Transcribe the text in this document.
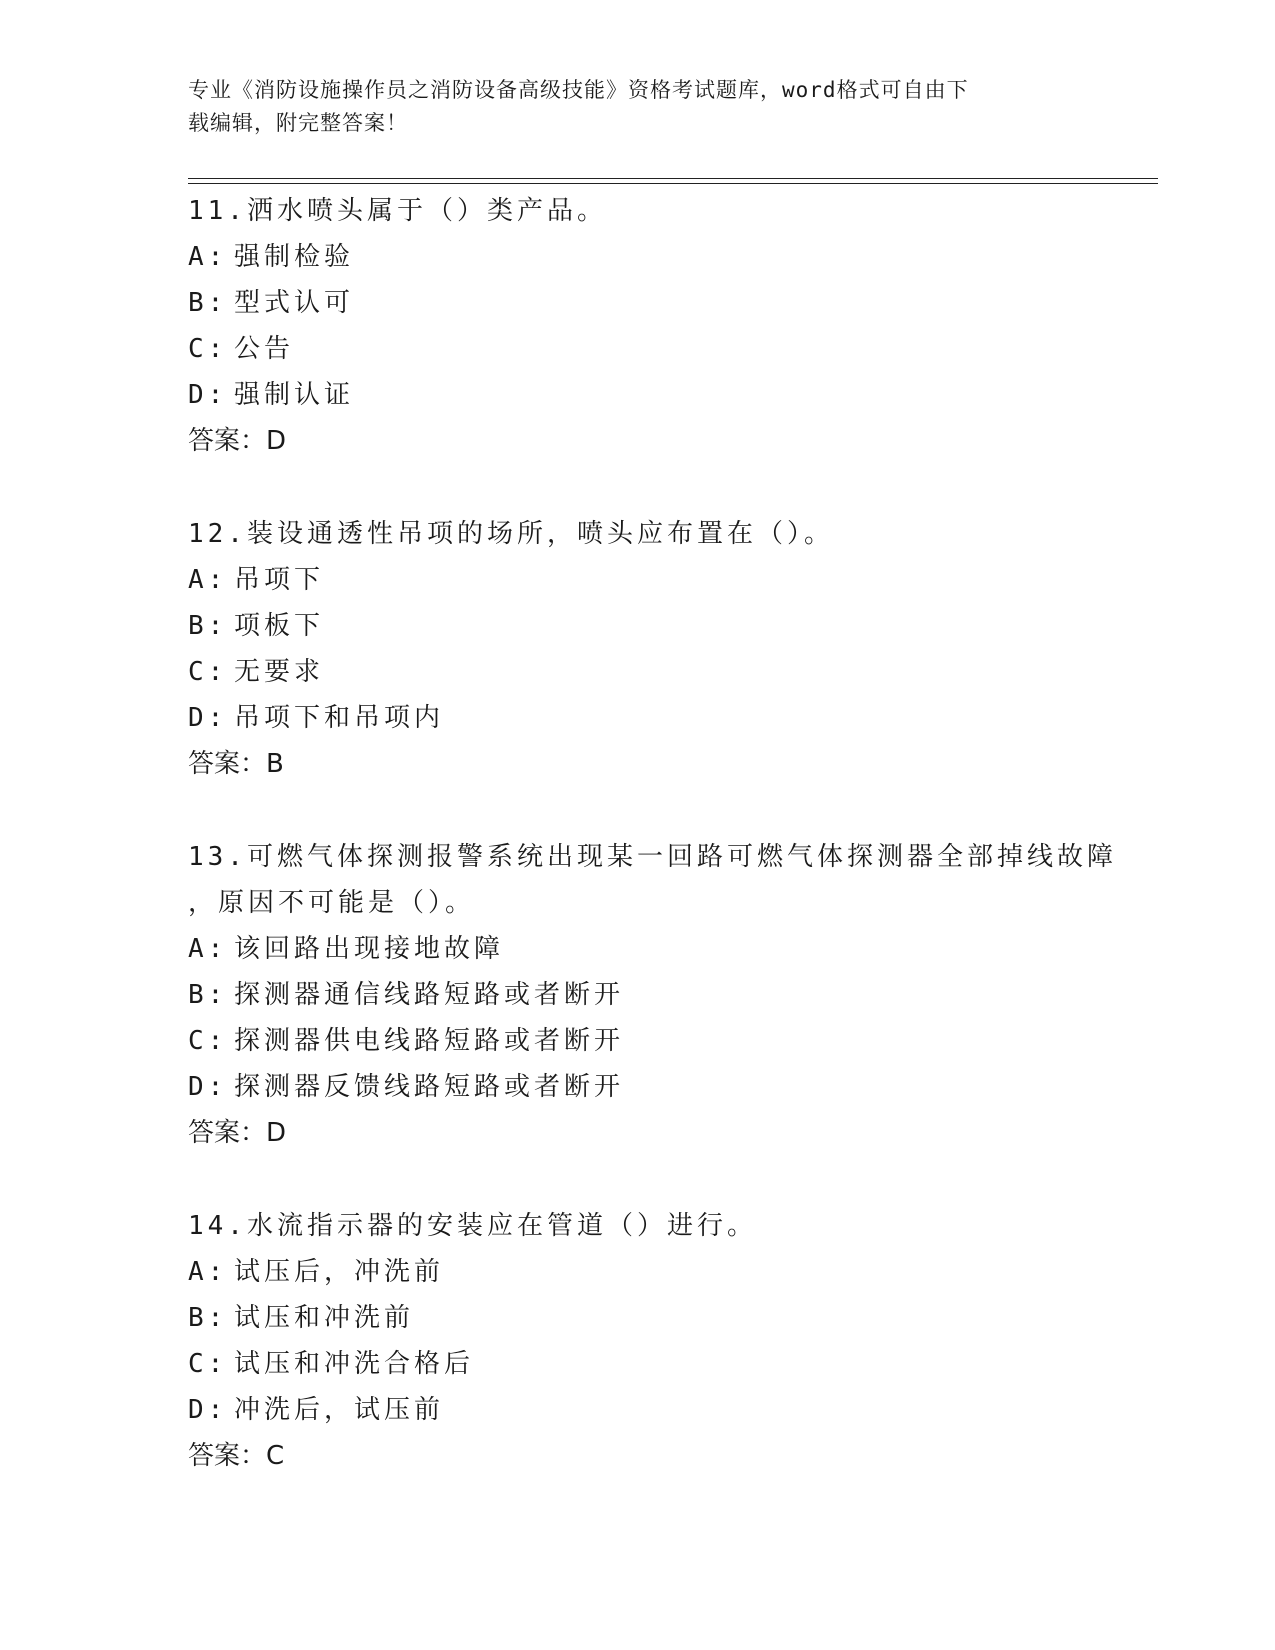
专业《消防设施操作员之消防设备高级技能》资格考试题库，word格式可自由下
载编辑，附完整答案！
11.洒水喷头属于（）类产品。
A: 强制检验
B: 型式认可
C: 公告
D: 强制认证
答案：D
12.装设通透性吊项的场所，喷头应布置在（）。
A: 吊项下
B: 项板下
C: 无要求
D: 吊项下和吊项内
答案：B
13.可燃气体探测报警系统出现某一回路可燃气体探测器全部掉线故障
，原因不可能是（）。
A: 该回路出现接地故障
B: 探测器通信线路短路或者断开
C: 探测器供电线路短路或者断开
D: 探测器反馈线路短路或者断开
答案：D
14.水流指示器的安装应在管道（）进行。
A: 试压后，冲洗前
B: 试压和冲洗前
C: 试压和冲洗合格后
D: 冲洗后，试压前
答案：C
